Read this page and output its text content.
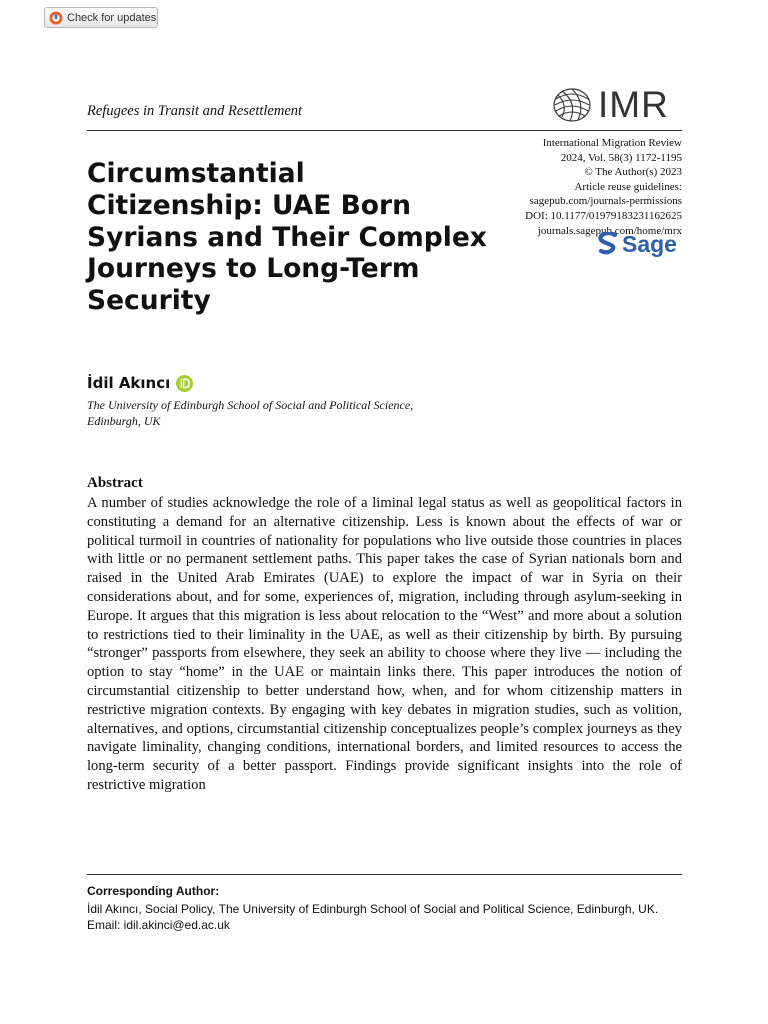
Check for updates
Refugees in Transit and Resettlement	IMR
International Migration Review
2024, Vol. 58(3) 1172-1195
© The Author(s) 2023
Article reuse guidelines:
sagepub.com/journals-permissions
DOI: 10.1177/01979183231162625
journals.sagepub.com/home/mrx
Sage
Circumstantial Citizenship: UAE Born Syrians and Their Complex Journeys to Long-Term Security
İdil Akıncı
The University of Edinburgh School of Social and Political Science, Edinburgh, UK
Abstract

A number of studies acknowledge the role of a liminal legal status as well as geopolitical factors in constituting a demand for an alternative citizenship. Less is known about the effects of war or political turmoil in countries of nationality for populations who live outside those countries in places with little or no permanent settlement paths. This paper takes the case of Syrian nationals born and raised in the United Arab Emirates (UAE) to explore the impact of war in Syria on their considerations about, and for some, experiences of, migration, including through asylum-seeking in Europe. It argues that this migration is less about relocation to the “West” and more about a solution to restrictions tied to their liminality in the UAE, as well as their citizenship by birth. By pursuing “stronger” passports from elsewhere, they seek an ability to choose where they live — including the option to stay “home” in the UAE or maintain links there. This paper introduces the notion of circumstantial citizenship to better understand how, when, and for whom citizenship matters in restrictive migration contexts. By engaging with key debates in migration studies, such as volition, alternatives, and options, circumstantial citizenship conceptualizes people’s complex journeys as they navigate liminality, changing conditions, international borders, and limited resources to access the long-term security of a better passport. Findings provide significant insights into the role of restrictive migration

Corresponding Author:
İdil Akıncı, Social Policy, The University of Edinburgh School of Social and Political Science, Edinburgh, UK.
Email: idil.akinci@ed.ac.uk
